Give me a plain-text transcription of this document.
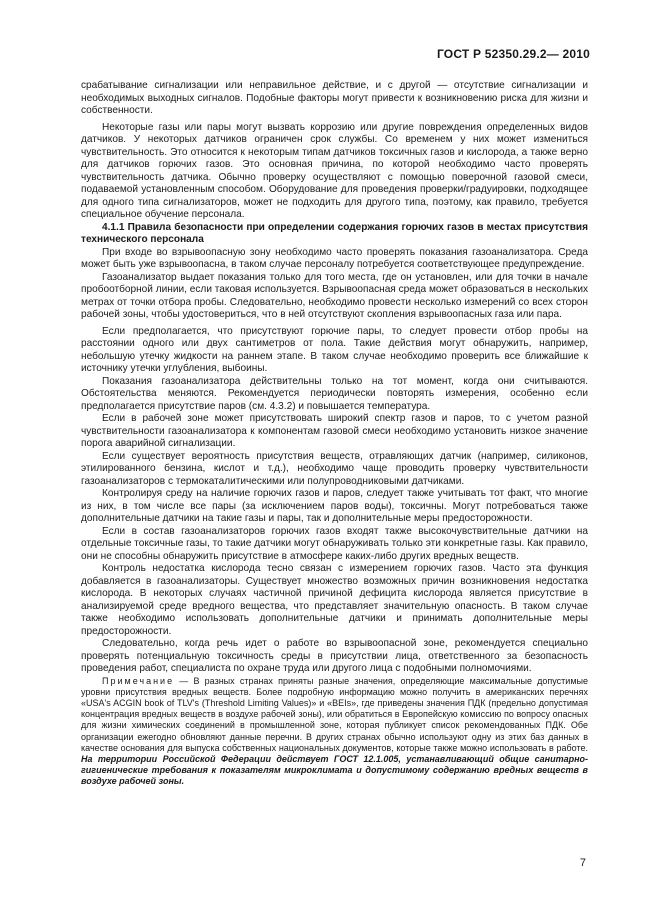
ГОСТ Р 52350.29.2— 2010

срабатывание сигнализации или неправильное действие, и с другой — отсутствие сигнализации и необходимых выходных сигналов. Подобные факторы могут привести к возникновению риска для жизни и собственности.

Некоторые газы или пары могут вызвать коррозию или другие повреждения определенных видов датчиков. У некоторых датчиков ограничен срок службы. Со временем у них может измениться чувствительность. Это относится к некоторым типам датчиков токсичных газов и кислорода, а также верно для датчиков горючих газов. Это основная причина, по которой необходимо часто проверять чувствительность датчика. Обычно проверку осуществляют с помощью поверочной газовой смеси, подаваемой установленным способом. Оборудование для проведения проверки/градуировки, подходящее для одного типа сигнализаторов, может не подходить для другого типа, поэтому, как правило, требуется специальное обучение персонала.

4.1.1 Правила безопасности при определении содержания горючих газов в местах присутствия технического персонала

При входе во взрывоопасную зону необходимо часто проверять показания газоанализатора. Среда может быть уже взрывоопасна, в таком случае персоналу потребуется соответствующее предупреждение.

Газоанализатор выдает показания только для того места, где он установлен, или для точки в начале пробоотборной линии, если таковая используется. Взрывоопасная среда может образоваться в нескольких метрах от точки отбора пробы. Следовательно, необходимо провести несколько измерений со всех сторон рабочей зоны, чтобы удостовериться, что в ней отсутствуют скопления взрывоопасных газа или пара.

Если предполагается, что присутствуют горючие пары, то следует провести отбор пробы на расстоянии одного или двух сантиметров от пола. Такие действия могут обнаружить, например, небольшую утечку жидкости на раннем этапе. В таком случае необходимо проверить все ближайшие к источнику утечки углубления, выбоины.

Показания газоанализатора действительны только на тот момент, когда они считываются. Обстоятельства меняются. Рекомендуется периодически повторять измерения, особенно если предполагается присутствие паров (см. 4.3.2) и повышается температура.

Если в рабочей зоне может присутствовать широкий спектр газов и паров, то с учетом разной чувствительности газоанализатора к компонентам газовой смеси необходимо установить низкое значение порога аварийной сигнализации.

Если существует вероятность присутствия веществ, отравляющих датчик (например, силиконов, этилированного бензина, кислот и т.д.), необходимо чаще проводить проверку чувствительности газоанализаторов с термокаталитическими или полупроводниковыми датчиками.

Контролируя среду на наличие горючих газов и паров, следует также учитывать тот факт, что многие из них, в том числе все пары (за исключением паров воды), токсичны. Могут потребоваться также дополнительные датчики на такие газы и пары, так и дополнительные меры предосторожности.

Если в состав газоанализаторов горючих газов входят также высокочувствительные датчики на отдельные токсичные газы, то такие датчики могут обнаруживать только эти конкретные газы. Как правило, они не способны обнаружить присутствие в атмосфере каких-либо других вредных веществ.

Контроль недостатка кислорода тесно связан с измерением горючих газов. Часто эта функция добавляется в газоанализаторы. Существует множество возможных причин возникновения недостатка кислорода. В некоторых случаях частичной причиной дефицита кислорода является присутствие в анализируемой среде вредного вещества, что представляет значительную опасность. В таком случае также необходимо использовать дополнительные датчики и принимать дополнительные меры предосторожности.

Следовательно, когда речь идет о работе во взрывоопасной зоне, рекомендуется специально проверять потенциальную токсичность среды в присутствии лица, ответственного за безопасность проведения работ, специалиста по охране труда или другого лица с подобными полномочиями.

Примечание — В разных странах приняты разные значения, определяющие максимальные допустимые уровни присутствия вредных веществ. Более подробную информацию можно получить в американских перечнях «USA's ACGIN book of TLV's (Threshold Limiting Values)» и «BEIs», где приведены значения ПДК (предельно допустимая концентрация вредных веществ в воздухе рабочей зоны), или обратиться в Европейскую комиссию по вопросу опасных для жизни химических соединений в промышленной зоне, которая публикует список рекомендованных ПДК. Обе организации ежегодно обновляют данные перечни. В других странах обычно используют одну из этих баз данных в качестве основания для выпуска собственных национальных документов, которые также можно использовать в работе. На территории Российской Федерации действует ГОСТ 12.1.005, устанавливающий общие санитарно-гигиенические требования к показателям микроклимата и допустимому содержанию вредных веществ в воздухе рабочей зоны.

7
